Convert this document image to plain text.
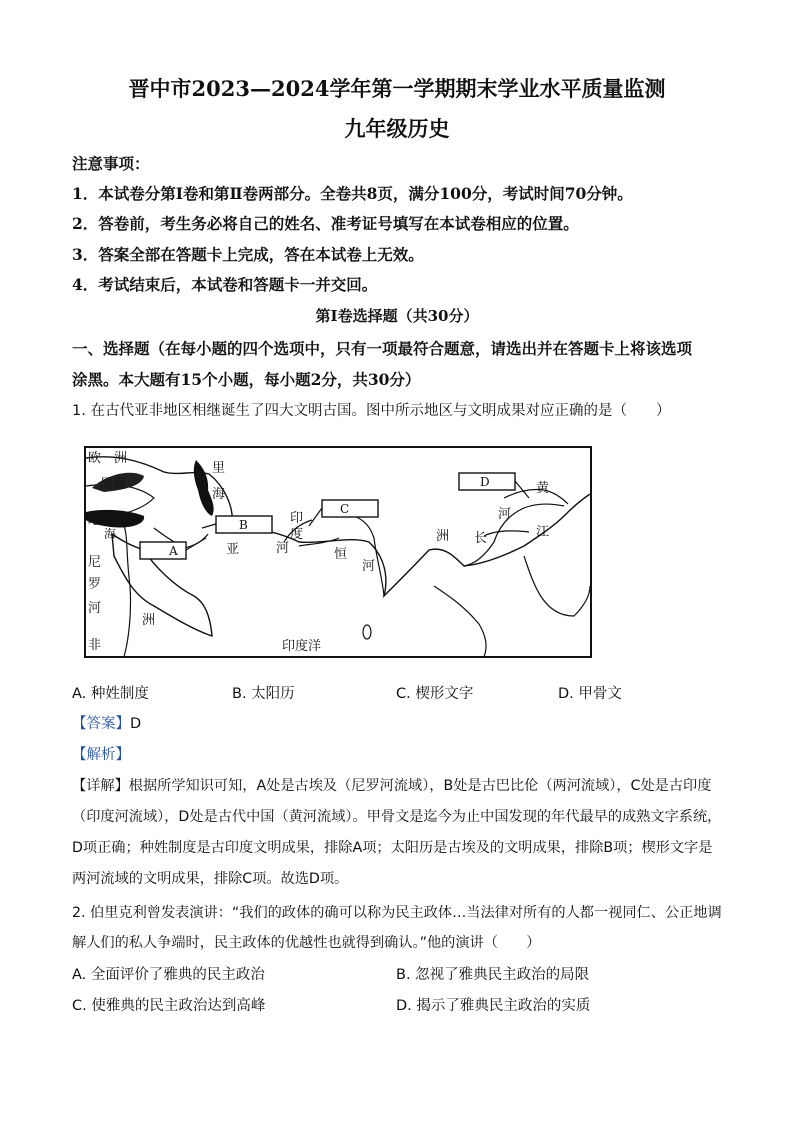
晋中市2023—2024学年第一学期期末学业水平质量监测
九年级历史
注意事项：
1．本试卷分第Ⅰ卷和第Ⅱ卷两部分。全卷共8页，满分100分，考试时间70分钟。
2．答卷前，考生务必将自己的姓名、准考证号填写在本试卷相应的位置。
3．答案全部在答题卡上完成，答在本试卷上无效。
4．考试结束后，本试卷和答题卡一并交回。
第Ⅰ卷选择题（共30分）
一、选择题（在每小题的四个选项中，只有一项最符合题意，请选出并在答题卡上将该选项
涂黑。本大题有15个小题，每小题2分，共30分）
1. 在古代亚非地区相继诞生了四大文明古国。图中所示地区与文明成果对应正确的是（　　）
欧　洲
黑海
里
海
地 中
海
A
B
C
D
尼
罗
河
洲
非
亚
洲
印
度
河	恒
河
黄
河
长	江
印度洋
A. 种姓制度	B. 太阳历	C. 楔形文字	D. 甲骨文
【答案】D
【解析】
【详解】根据所学知识可知，A处是古埃及（尼罗河流域），B处是古巴比伦（两河流域），C处是古印度
（印度河流域），D处是古代中国（黄河流域）。甲骨文是迄今为止中国发现的年代最早的成熟文字系统，
D项正确；种姓制度是古印度文明成果，排除A项；太阳历是古埃及的文明成果，排除B项；楔形文字是
两河流域的文明成果，排除C项。故选D项。
2. 伯里克利曾发表演讲：“我们的政体的确可以称为民主政体…当法律对所有的人都一视同仁、公正地调
解人们的私人争端时，民主政体的优越性也就得到确认。”他的演讲（　　）
A. 全面评价了雅典的民主政治	B. 忽视了雅典民主政治的局限
C. 使雅典的民主政治达到高峰	D. 揭示了雅典民主政治的实质
